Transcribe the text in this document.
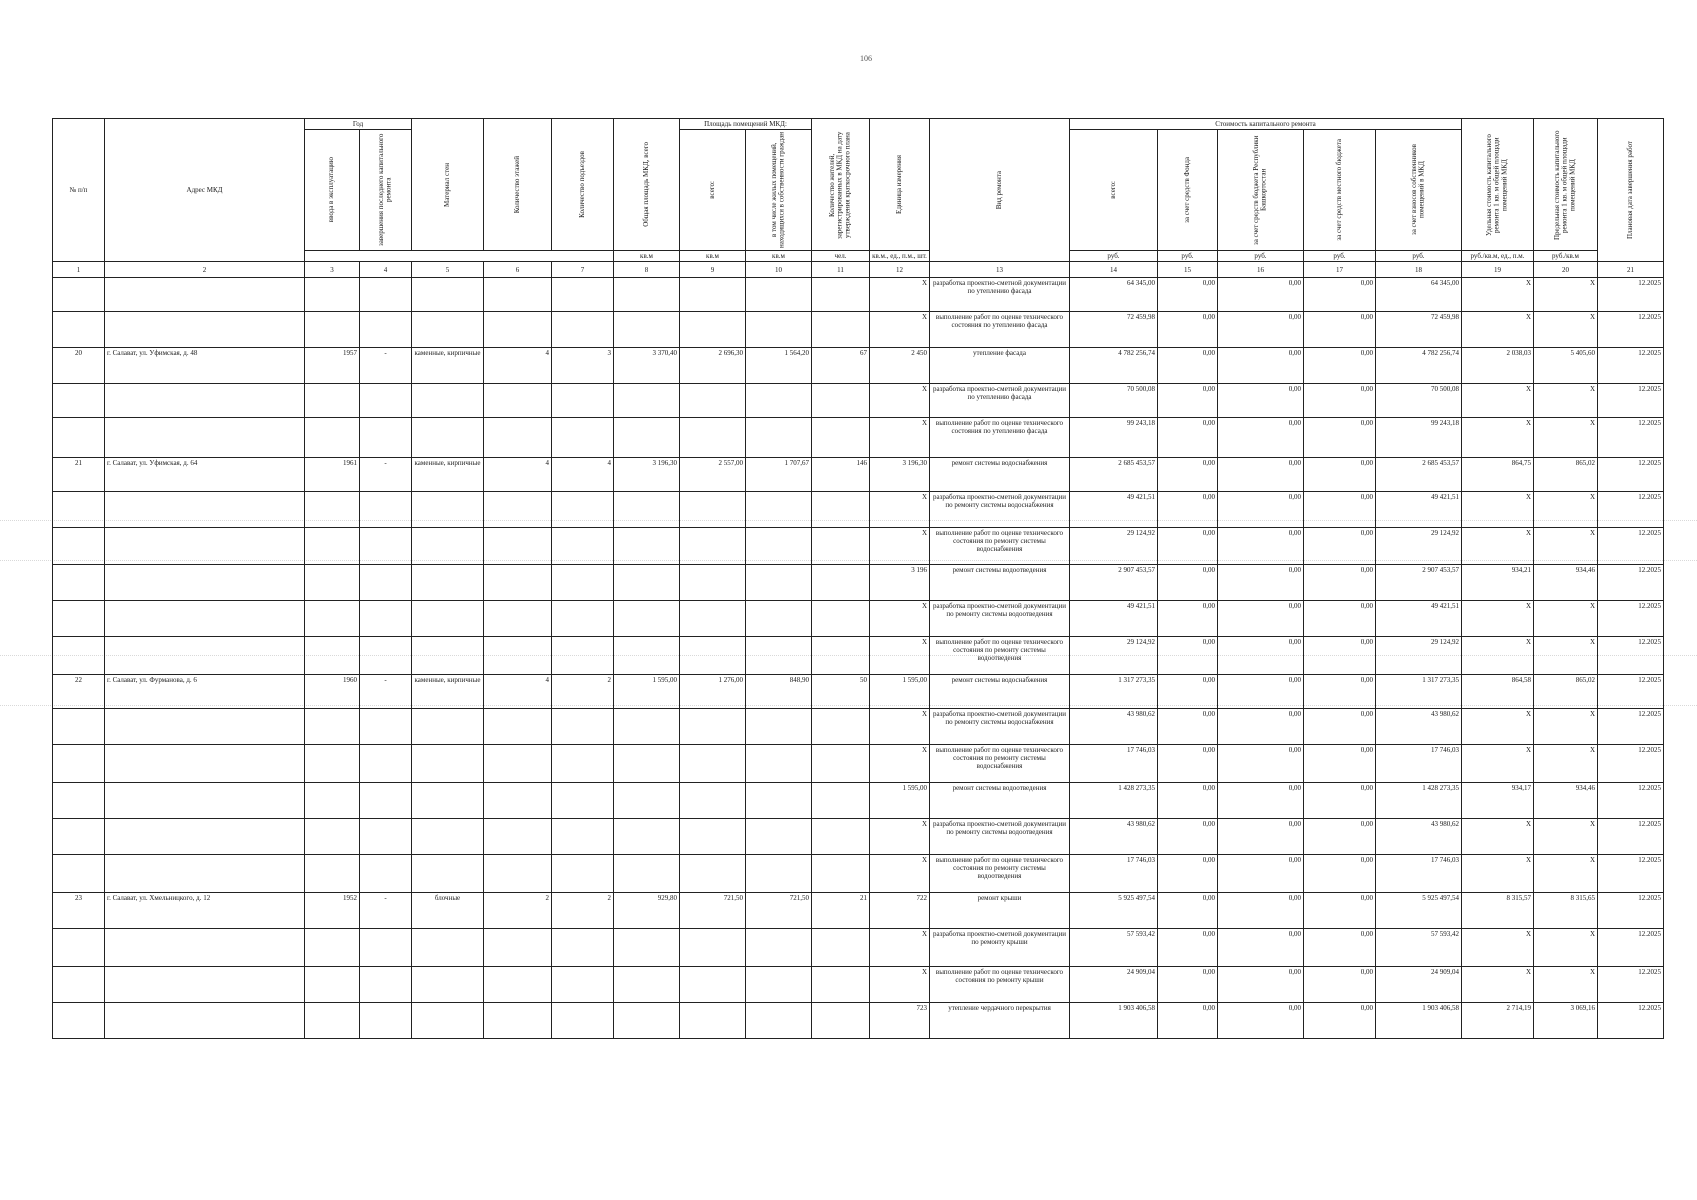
106
№ п/п	Адрес МКД	Год		Материал стен	Количество этажей	Количество подъездов	Общая площадь МКД, всего	Площадь помещений МКД:		Количество жителей, зарегистрированных в МКД на дату утверждения краткосрочного плана	Единица измерения	Вид ремонта	Стоимость капитального ремонта					Удельная стоимость капитального ремонта 1 кв. м общей площади помещений МКД	Предельная стоимость капитального ремонта 1 кв. м общей площади помещений МКД	Плановая дата завершения работ

		ввода в эксплуатацию	завершения последнего капитального ремонта					всего:	в том числе жилых помещений, находящихся в собственности граждан				всего:	за счет средств Фонда	за счет средств бюджета Республики Башкортостан	за счет средств местного бюджета	за счет взносов собственников помещений в МКД			

							кв.м	кв.м	кв.м	чел.	кв.м., ед., п.м., шт.		руб.	руб.	руб.	руб.	руб.	руб./кв.м, ед., п.м.	руб./кв.м	
1	2	3	4	5	6	7	8	9	10	11	12	13	14	15	16	17	18	19	20	21
											X	разработка проектно-сметной документации по утеплению фасада	64 345,00	0,00	0,00	0,00	64 345,00	X	X	12.2025
											X	выполнение работ по оценке технического состояния по утеплению фасада	72 459,98	0,00	0,00	0,00	72 459,98	X	X	12.2025
20	г. Салават, ул. Уфимская, д. 48	1957	-	каменные, кирпичные	4	3	3 370,40	2 696,30	1 564,20	67	2 450	утепление фасада	4 782 256,74	0,00	0,00	0,00	4 782 256,74	2 038,03	5 405,60	12.2025
											X	разработка проектно-сметной документации по утеплению фасада	70 500,08	0,00	0,00	0,00	70 500,08	X	X	12.2025
											X	выполнение работ по оценке технического состояния по утеплению фасада	99 243,18	0,00	0,00	0,00	99 243,18	X	X	12.2025
21	г. Салават, ул. Уфимская, д. 64	1961	-	каменные, кирпичные	4	4	3 196,30	2 557,00	1 707,67	146	3 196,30	ремонт системы водоснабжения	2 685 453,57	0,00	0,00	0,00	2 685 453,57	864,75	865,02	12.2025
											X	разработка проектно-сметной документации по ремонту системы водоснабжения	49 421,51	0,00	0,00	0,00	49 421,51	X	X	12.2025
											X	выполнение работ по оценке технического состояния по ремонту системы водоснабжения	29 124,92	0,00	0,00	0,00	29 124,92	X	X	12.2025
											3 196	ремонт системы водоотведения	2 907 453,57	0,00	0,00	0,00	2 907 453,57	934,21	934,46	12.2025
											X	разработка проектно-сметной документации по ремонту системы водоотведения	49 421,51	0,00	0,00	0,00	49 421,51	X	X	12.2025
											X	выполнение работ по оценке технического состояния по ремонту системы водоотведения	29 124,92	0,00	0,00	0,00	29 124,92	X	X	12.2025
22	г. Салават, ул. Фурманова, д. 6	1960	-	каменные, кирпичные	4	2	1 595,00	1 276,00	848,90	50	1 595,00	ремонт системы водоснабжения	1 317 273,35	0,00	0,00	0,00	1 317 273,35	864,58	865,02	12.2025
											X	разработка проектно-сметной документации по ремонту системы водоснабжения	43 980,62	0,00	0,00	0,00	43 980,62	X	X	12.2025
											X	выполнение работ по оценке технического состояния по ремонту системы водоснабжения	17 746,03	0,00	0,00	0,00	17 746,03	X	X	12.2025
											1 595,00	ремонт системы водоотведения	1 428 273,35	0,00	0,00	0,00	1 428 273,35	934,17	934,46	12.2025
											X	разработка проектно-сметной документации по ремонту системы водоотведения	43 980,62	0,00	0,00	0,00	43 980,62	X	X	12.2025
											X	выполнение работ по оценке технического состояния по ремонту системы водоотведения	17 746,03	0,00	0,00	0,00	17 746,03	X	X	12.2025
23	г. Салават, ул. Хмельницкого, д. 12	1952	-	блочные	2	2	929,80	721,50	721,50	21	722	ремонт крыши	5 925 497,54	0,00	0,00	0,00	5 925 497,54	8 315,57	8 315,65	12.2025
											X	разработка проектно-сметной документации по ремонту крыши	57 593,42	0,00	0,00	0,00	57 593,42	X	X	12.2025
											X	выполнение работ по оценке технического состояния по ремонту крыши	24 909,04	0,00	0,00	0,00	24 909,04	X	X	12.2025
											723	утепление чердачного перекрытия	1 903 406,58	0,00	0,00	0,00	1 903 406,58	2 714,19	3 069,16	12.2025
